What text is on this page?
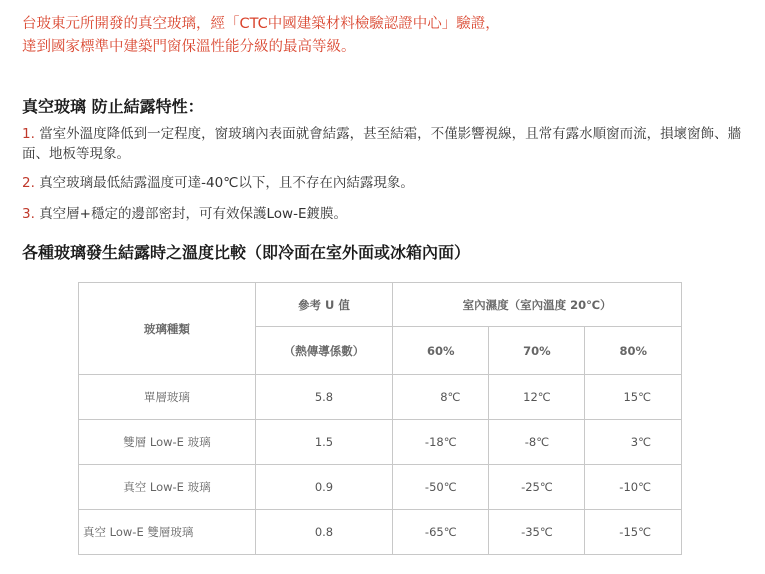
台玻東元所開發的真空玻璃，經「CTC中國建築材料檢驗認證中心」驗證，

達到國家標準中建築門窗保溫性能分級的最高等級。

真空玻璃 防止結露特性：

1. 當室外溫度降低到一定程度，窗玻璃內表面就會結露，甚至結霜，不僅影響視線，且常有露水順窗而流，損壞窗飾、牆面、地板等現象。

2. 真空玻璃最低結露溫度可達-40℃以下，且不存在內結露現象。

3. 真空層+穩定的邊部密封，可有效保護Low-E鍍膜。

各種玻璃發生結露時之溫度比較（即冷面在室外面或冰箱內面）
玻璃種類	參考 U 值	室內濕度（室內溫度 20℃）		
	（熱傳導係數）	60%	70%	80%
單層玻璃	5.8	8℃	12℃	15℃
雙層 Low-E 玻璃	1.5	-18℃	-8℃	3℃
真空 Low-E 玻璃	0.9	-50℃	-25℃	-10℃
真空 Low-E 雙層玻璃	0.8	-65℃	-35℃	-15℃
